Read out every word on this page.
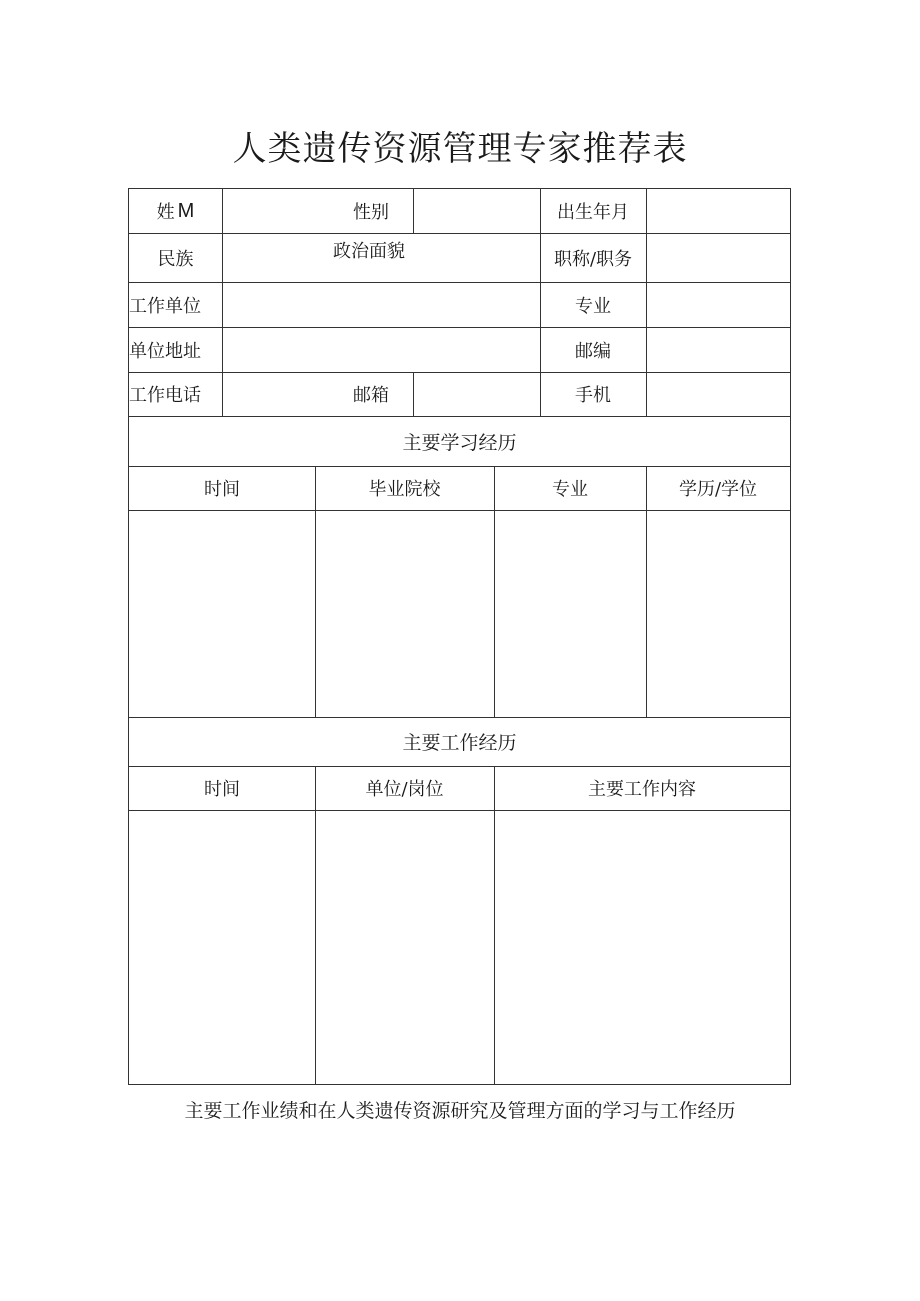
人类遗传资源管理专家推荐表
姓 M	性别	出生年月
民族	政治面貌	职称/职务
工作单位	专业
单位地址	邮编
工作电话	邮箱	手机
主要学习经历
时间	毕业院校	专业	学历/学位
主要工作经历
时间	单位/岗位	主要工作内容
主要工作业绩和在人类遗传资源研究及管理方面的学习与工作经历
